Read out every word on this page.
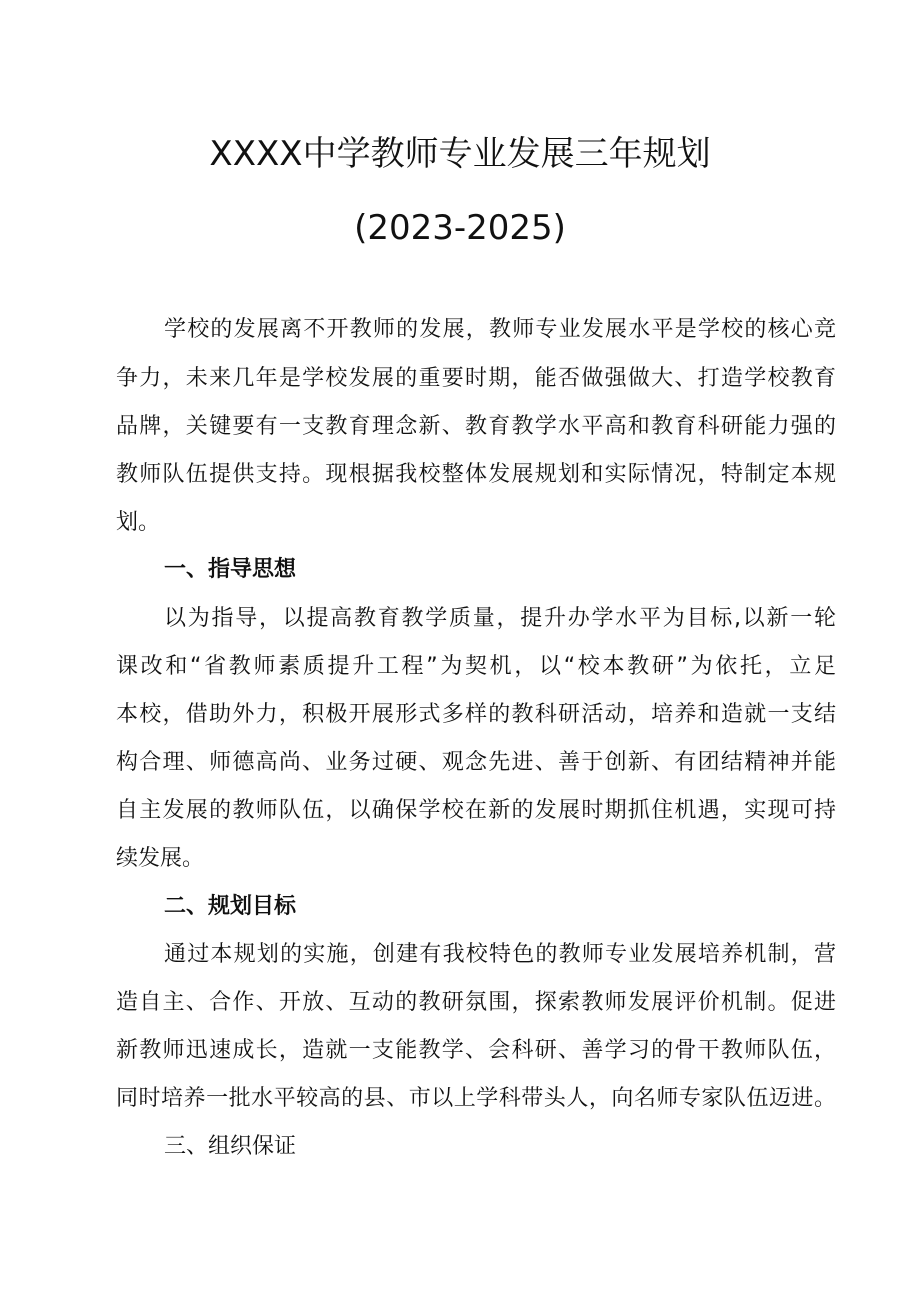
XXXX中学教师专业发展三年规划
(2023-2025)
学校的发展离不开教师的发展，教师专业发展水平是学校的核心竞
争力，未来几年是学校发展的重要时期，能否做强做大、打造学校教育
品牌，关键要有一支教育理念新、教育教学水平高和教育科研能力强的
教师队伍提供支持。现根据我校整体发展规划和实际情况，特制定本规
划。
一、指导思想
以为指导，以提高教育教学质量，提升办学水平为目标,以新一轮
课改和“省教师素质提升工程”为契机，以“校本教研”为依托，立足
本校，借助外力，积极开展形式多样的教科研活动，培养和造就一支结
构合理、师德高尚、业务过硬、观念先进、善于创新、有团结精神并能
自主发展的教师队伍，以确保学校在新的发展时期抓住机遇，实现可持
续发展。
二、规划目标
通过本规划的实施，创建有我校特色的教师专业发展培养机制，营
造自主、合作、开放、互动的教研氛围，探索教师发展评价机制。促进
新教师迅速成长，造就一支能教学、会科研、善学习的骨干教师队伍，
同时培养一批水平较高的县、市以上学科带头人，向名师专家队伍迈进。
三、组织保证
